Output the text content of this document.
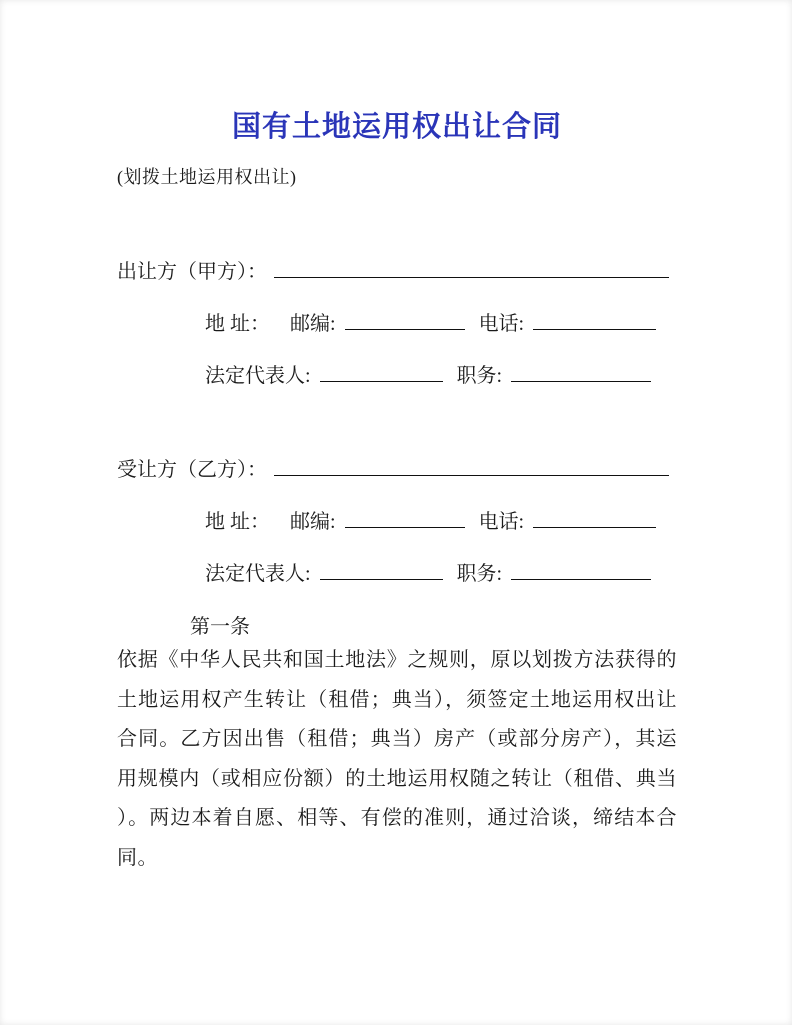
国有土地运用权出让合同
(划拨土地运用权出让)
出让方（甲方）：
地 址： 邮编:	电话:
法定代表人:	职务:
受让方（乙方）：
地 址： 邮编:	电话:
法定代表人:	职务:
第一条
依据《中华人民共和国土地法》之规则，原以划拨方法获得的
土地运用权产生转让（租借；典当），须签定土地运用权出让
合同。乙方因出售（租借；典当）房产（或部分房产），其运
用规模内（或相应份额）的土地运用权随之转让（租借、典当
）。两边本着自愿、相等、有偿的准则，通过洽谈，缔结本合
同。
